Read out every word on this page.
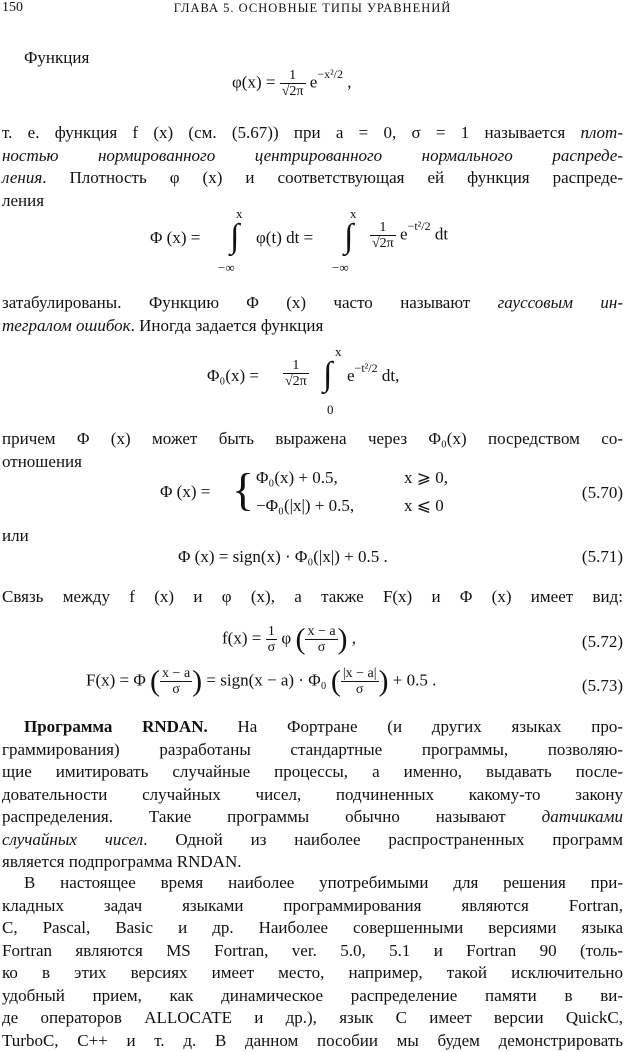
150	ГЛАВА 5. ОСНОВНЫЕ ТИПЫ УРАВНЕНИЙ
Функция
$\varphi(x) = \frac{1}{√2\pi} e^{-x^2/2}$ ,
т. е. функция f (x) (см. (5.67)) при a = 0, σ = 1 называется плот-
ностью нормированного центрированного нормального распреде-
ления. Плотность φ (x) и соответствующая ей функция распреде-
ления
Φ (x) = ∫
x
−∞
φ(t) dt = ∫
x
−∞
$\frac{1}{√2\pi} e^{-t^2/2}$ dt
затабулированы. Функцию Φ (x) часто называют гауссовым ин-
тегралом ошибок. Иногда задается функция
$\Phi_0(x) = \frac{1}{√2\pi}$ ∫
x
0
$e^{-t^2/2}$ dt,
причем Φ (x) может быть выражена через Φ₀(x) посредством со-
отношения
Φ (x) = { Φ₀(x) + 0.5,	x ⩾ 0,
−Φ₀(|x|) + 0.5,	x ⩽ 0
(5.70)
или
Φ (x) = sign(x) · Φ₀(|x|) + 0.5 .	(5.71)
Связь между f (x) и φ (x), а также F(x) и Φ (x) имеет вид:
$f(x) = \frac{1}{\sigma}$ φ ( $\frac{x - a}{\sigma}$ ) ,	(5.72)
F(x) = Φ ( $\frac{x - a}{\sigma}$ ) = sign(x − a) · Φ₀ ( $\frac{|x - a|}{\sigma}$ ) + 0.5 .	(5.73)
Программа RNDAN. На Фортране (и других языках про-
граммирования) разработаны стандартные программы, позволяю-
щие имитировать случайные процессы, а именно, выдавать после-
довательности случайных чисел, подчиненных какому-то закону
распределения. Такие программы обычно называют датчиками
случайных чисел. Одной из наиболее распространенных программ
является подпрограмма RNDAN.
В настоящее время наиболее употребимыми для решения при-
кладных задач языками программирования являются Fortran,
C, Pascal, Basic и др. Наиболее совершенными версиями языка
Fortran являются MS Fortran, ver. 5.0, 5.1 и Fortran 90 (толь-
ко в этих версиях имеет место, например, такой исключительно
удобный прием, как динамическое распределение памяти в ви-
де операторов ALLOCATE и др.), язык C имеет версии QuickC,
TurboC, C++ и т. д. В данном пособии мы будем демонстрировать
